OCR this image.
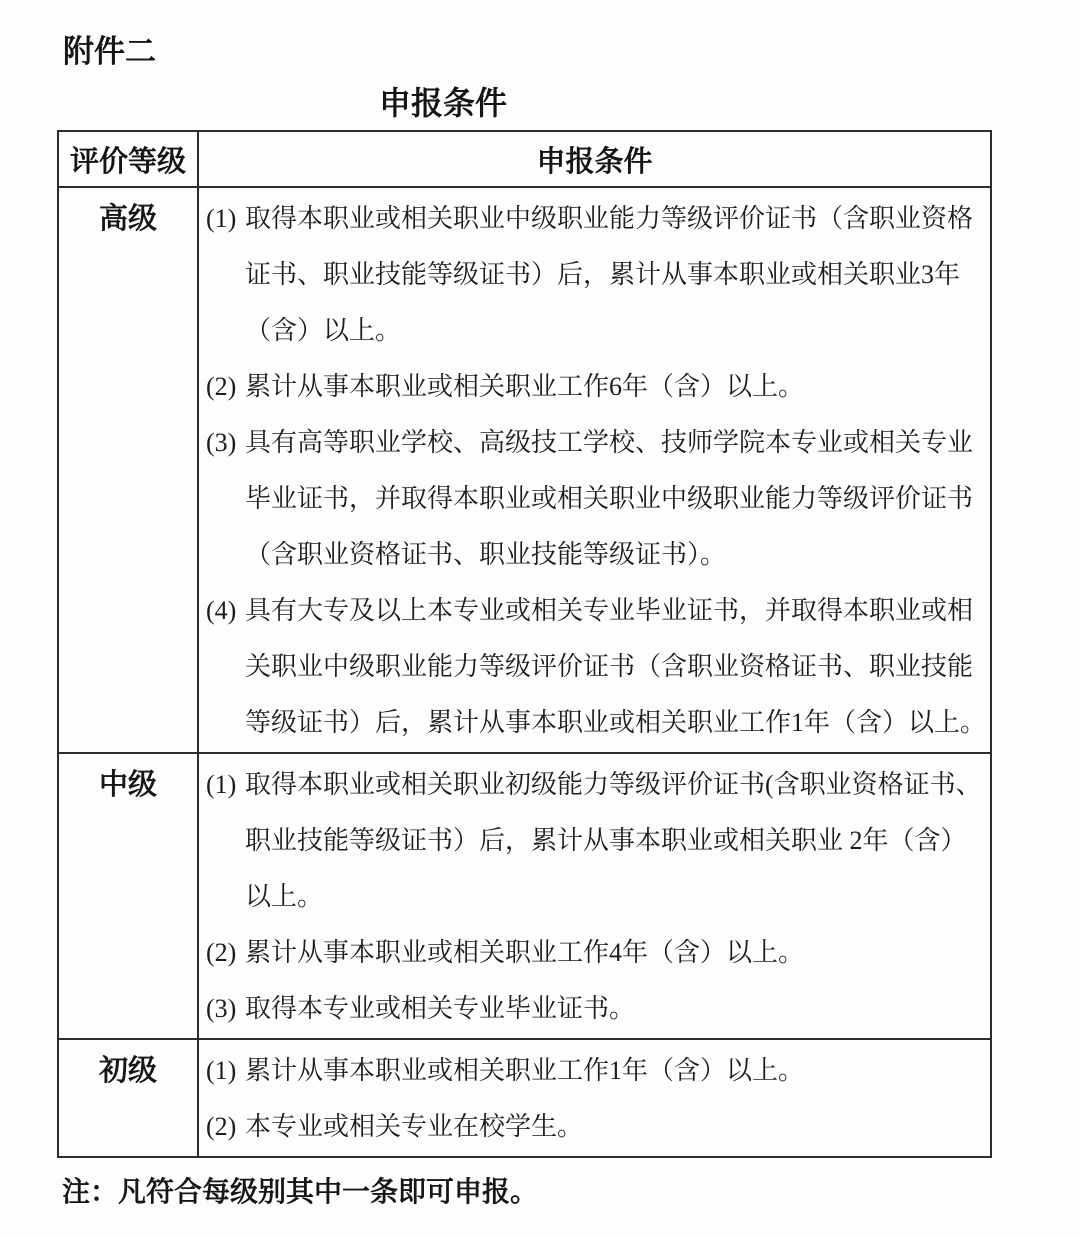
附件二
申报条件
评价等级	申报条件

高级	(1) 取得本职业或相关职业中级职业能力等级评价证书（含职业资格
证书、职业技能等级证书）后，累计从事本职业或相关职业3年
（含）以上。
(2) 累计从事本职业或相关职业工作6年（含）以上。
(3) 具有高等职业学校、高级技工学校、技师学院本专业或相关专业
毕业证书，并取得本职业或相关职业中级职业能力等级评价证书
（含职业资格证书、职业技能等级证书）。
(4) 具有大专及以上本专业或相关专业毕业证书，并取得本职业或相
关职业中级职业能力等级评价证书（含职业资格证书、职业技能
等级证书）后，累计从事本职业或相关职业工作1年（含）以上。

中级	(1) 取得本职业或相关职业初级能力等级评价证书(含职业资格证书、
职业技能等级证书）后，累计从事本职业或相关职业 2年（含）
以上。
(2) 累计从事本职业或相关职业工作4年（含）以上。
(3) 取得本专业或相关专业毕业证书。

初级	(1) 累计从事本职业或相关职业工作1年（含）以上。
(2) 本专业或相关专业在校学生。
注：凡符合每级别其中一条即可申报。
